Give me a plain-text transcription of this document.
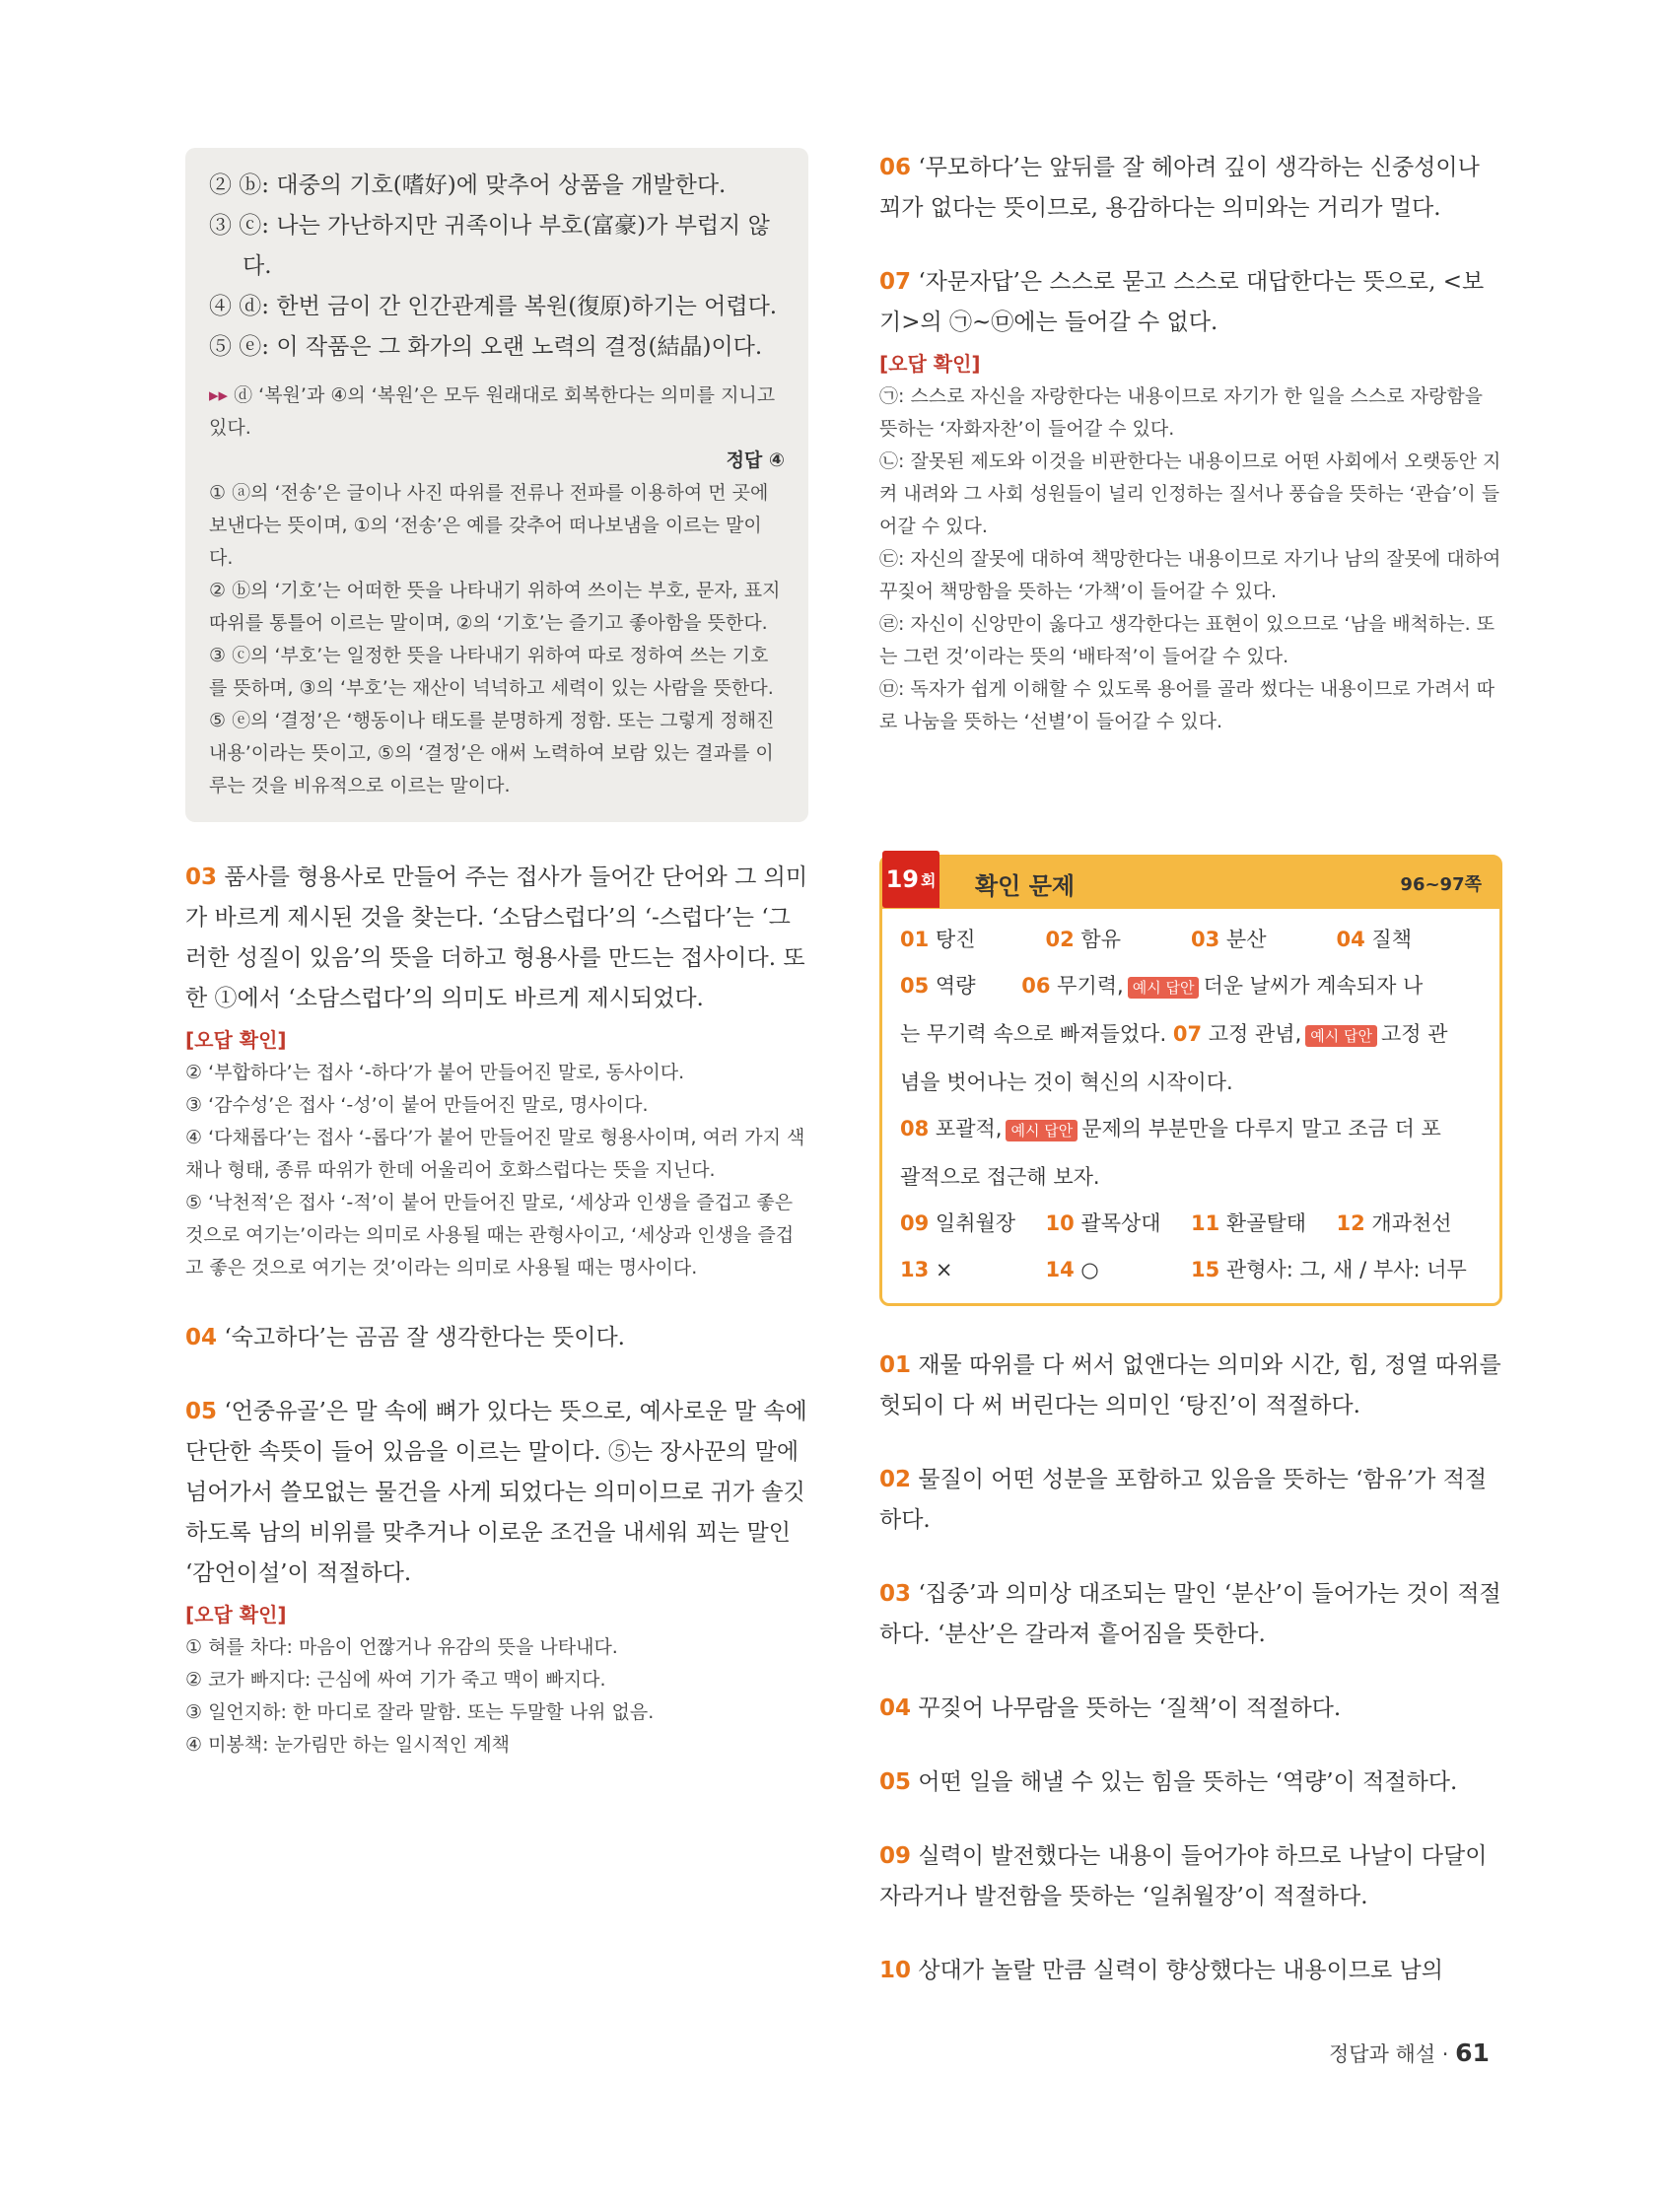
② ⓑ: 대중의 기호(嗜好)에 맞추어 상품을 개발한다.

③ ⓒ: 나는 가난하지만 귀족이나 부호(富豪)가 부럽지 않다.

④ ⓓ: 한번 금이 간 인간관계를 복원(復原)하기는 어렵다.

⑤ ⓔ: 이 작품은 그 화가의 오랜 노력의 결정(結晶)이다.

▸▸ ⓓ ‘복원’과 ④의 ‘복원’은 모두 원래대로 회복한다는 의미를 지니고 있다.

정답 ④

① ⓐ의 ‘전송’은 글이나 사진 따위를 전류나 전파를 이용하여 먼 곳에 보낸다는 뜻이며, ①의 ‘전송’은 예를 갖추어 떠나보냄을 이르는 말이다.

② ⓑ의 ‘기호’는 어떠한 뜻을 나타내기 위하여 쓰이는 부호, 문자, 표지 따위를 통틀어 이르는 말이며, ②의 ‘기호’는 즐기고 좋아함을 뜻한다.

③ ⓒ의 ‘부호’는 일정한 뜻을 나타내기 위하여 따로 정하여 쓰는 기호를 뜻하며, ③의 ‘부호’는 재산이 넉넉하고 세력이 있는 사람을 뜻한다.

⑤ ⓔ의 ‘결정’은 ‘행동이나 태도를 분명하게 정함. 또는 그렇게 정해진 내용’이라는 뜻이고, ⑤의 ‘결정’은 애써 노력하여 보람 있는 결과를 이루는 것을 비유적으로 이르는 말이다.

03 품사를 형용사로 만들어 주는 접사가 들어간 단어와 그 의미가 바르게 제시된 것을 찾는다. ‘소담스럽다’의 ‘-스럽다’는 ‘그러한 성질이 있음’의 뜻을 더하고 형용사를 만드는 접사이다. 또한 ①에서 ‘소담스럽다’의 의미도 바르게 제시되었다.

[오답 확인]

② ‘부합하다’는 접사 ‘-하다’가 붙어 만들어진 말로, 동사이다.

③ ‘감수성’은 접사 ‘-성’이 붙어 만들어진 말로, 명사이다.

④ ‘다채롭다’는 접사 ‘-롭다’가 붙어 만들어진 말로 형용사이며, 여러 가지 색채나 형태, 종류 따위가 한데 어울리어 호화스럽다는 뜻을 지닌다.

⑤ ‘낙천적’은 접사 ‘-적’이 붙어 만들어진 말로, ‘세상과 인생을 즐겁고 좋은 것으로 여기는’이라는 의미로 사용될 때는 관형사이고, ‘세상과 인생을 즐겁고 좋은 것으로 여기는 것’이라는 의미로 사용될 때는 명사이다.

04 ‘숙고하다’는 곰곰 잘 생각한다는 뜻이다.

05 ‘언중유골’은 말 속에 뼈가 있다는 뜻으로, 예사로운 말 속에 단단한 속뜻이 들어 있음을 이르는 말이다. ⑤는 장사꾼의 말에 넘어가서 쓸모없는 물건을 사게 되었다는 의미이므로 귀가 솔깃하도록 남의 비위를 맞추거나 이로운 조건을 내세워 꾀는 말인 ‘감언이설’이 적절하다.

[오답 확인]

① 혀를 차다: 마음이 언짢거나 유감의 뜻을 나타내다.

② 코가 빠지다: 근심에 싸여 기가 죽고 맥이 빠지다.

③ 일언지하: 한 마디로 잘라 말함. 또는 두말할 나위 없음.

④ 미봉책: 눈가림만 하는 일시적인 계책

06 ‘무모하다’는 앞뒤를 잘 헤아려 깊이 생각하는 신중성이나 꾀가 없다는 뜻이므로, 용감하다는 의미와는 거리가 멀다.

07 ‘자문자답’은 스스로 묻고 스스로 대답한다는 뜻으로, <보기>의 ㉠~㉤에는 들어갈 수 없다.

[오답 확인]

㉠: 스스로 자신을 자랑한다는 내용이므로 자기가 한 일을 스스로 자랑함을 뜻하는 ‘자화자찬’이 들어갈 수 있다.

㉡: 잘못된 제도와 이것을 비판한다는 내용이므로 어떤 사회에서 오랫동안 지켜 내려와 그 사회 성원들이 널리 인정하는 질서나 풍습을 뜻하는 ‘관습’이 들어갈 수 있다.

㉢: 자신의 잘못에 대하여 책망한다는 내용이므로 자기나 남의 잘못에 대하여 꾸짖어 책망함을 뜻하는 ‘가책’이 들어갈 수 있다.

㉣: 자신이 신앙만이 옳다고 생각한다는 표현이 있으므로 ‘남을 배척하는. 또는 그런 것’이라는 뜻의 ‘배타적’이 들어갈 수 있다.

㉤: 독자가 쉽게 이해할 수 있도록 용어를 골라 썼다는 내용이므로 가려서 따로 나눔을 뜻하는 ‘선별’이 들어갈 수 있다.

19 회 확인 문제	96~97쪽
01 탕진	02 함유	03 분산	04 질책
05 역량 06 무기력, 예시 답안 더운 날씨가 계속되자 나
는 무기력 속으로 빠져들었다. 07 고정 관념, 예시 답안 고정 관
념을 벗어나는 것이 혁신의 시작이다.
08 포괄적, 예시 답안 문제의 부분만을 다루지 말고 조금 더 포
괄적으로 접근해 보자.
09 일취월장	10 괄목상대	11 환골탈태	12 개과천선
13 ×	14 ○	15 관형사: 그, 새 / 부사: 너무

01 재물 따위를 다 써서 없앤다는 의미와 시간, 힘, 정열 따위를 헛되이 다 써 버린다는 의미인 ‘탕진’이 적절하다.

02 물질이 어떤 성분을 포함하고 있음을 뜻하는 ‘함유’가 적절하다.

03 ‘집중’과 의미상 대조되는 말인 ‘분산’이 들어가는 것이 적절하다. ‘분산’은 갈라져 흩어짐을 뜻한다.

04 꾸짖어 나무람을 뜻하는 ‘질책’이 적절하다.

05 어떤 일을 해낼 수 있는 힘을 뜻하는 ‘역량’이 적절하다.

09 실력이 발전했다는 내용이 들어가야 하므로 나날이 다달이 자라거나 발전함을 뜻하는 ‘일취월장’이 적절하다.

10 상대가 놀랄 만큼 실력이 향상했다는 내용이므로 남의

정답과 해설 · 61
